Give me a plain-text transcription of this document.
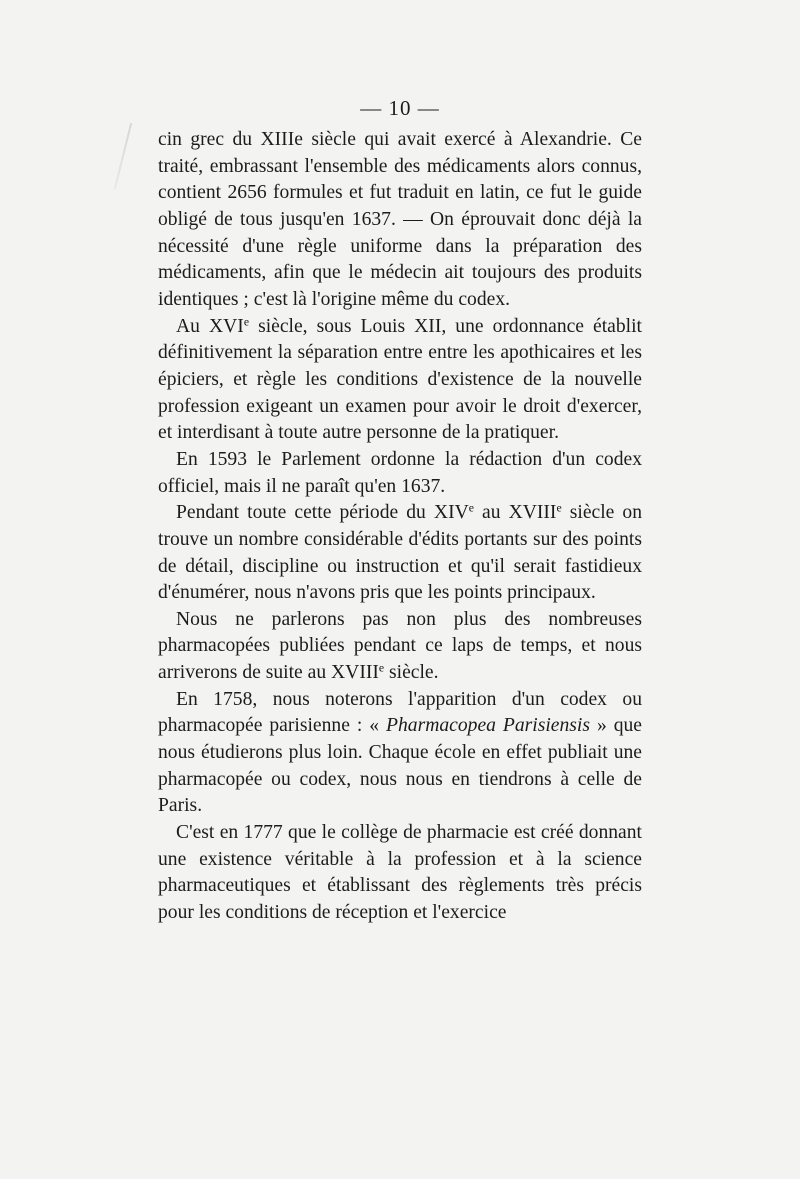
— 10 —

cin grec du XIIIe siècle qui avait exercé à Alexandrie. Ce traité, embrassant l'ensemble des médicaments alors connus, contient 2656 formules et fut traduit en latin, ce fut le guide obligé de tous jusqu'en 1637. — On éprouvait donc déjà la nécessité d'une règle uniforme dans la préparation des médicaments, afin que le médecin ait toujours des produits identiques ; c'est là l'origine même du codex.

Au XVIe siècle, sous Louis XII, une ordonnance établit définitivement la séparation entre entre les apothicaires et les épiciers, et règle les conditions d'existence de la nouvelle profession exigeant un examen pour avoir le droit d'exercer, et interdisant à toute autre personne de la pratiquer.

En 1593 le Parlement ordonne la rédaction d'un codex officiel, mais il ne paraît qu'en 1637.

Pendant toute cette période du XIVe au XVIIIe siècle on trouve un nombre considérable d'édits portants sur des points de détail, discipline ou instruction et qu'il serait fastidieux d'énumérer, nous n'avons pris que les points principaux.

Nous ne parlerons pas non plus des nombreuses pharmacopées publiées pendant ce laps de temps, et nous arriverons de suite au XVIIIe siècle.

En 1758, nous noterons l'apparition d'un codex ou pharmacopée parisienne : « Pharmacopea Parisiensis » que nous étudierons plus loin. Chaque école en effet publiait une pharmacopée ou codex, nous nous en tiendrons à celle de Paris.

C'est en 1777 que le collège de pharmacie est créé donnant une existence véritable à la profession et à la science pharmaceutiques et établissant des règlements très précis pour les conditions de réception et l'exercice
